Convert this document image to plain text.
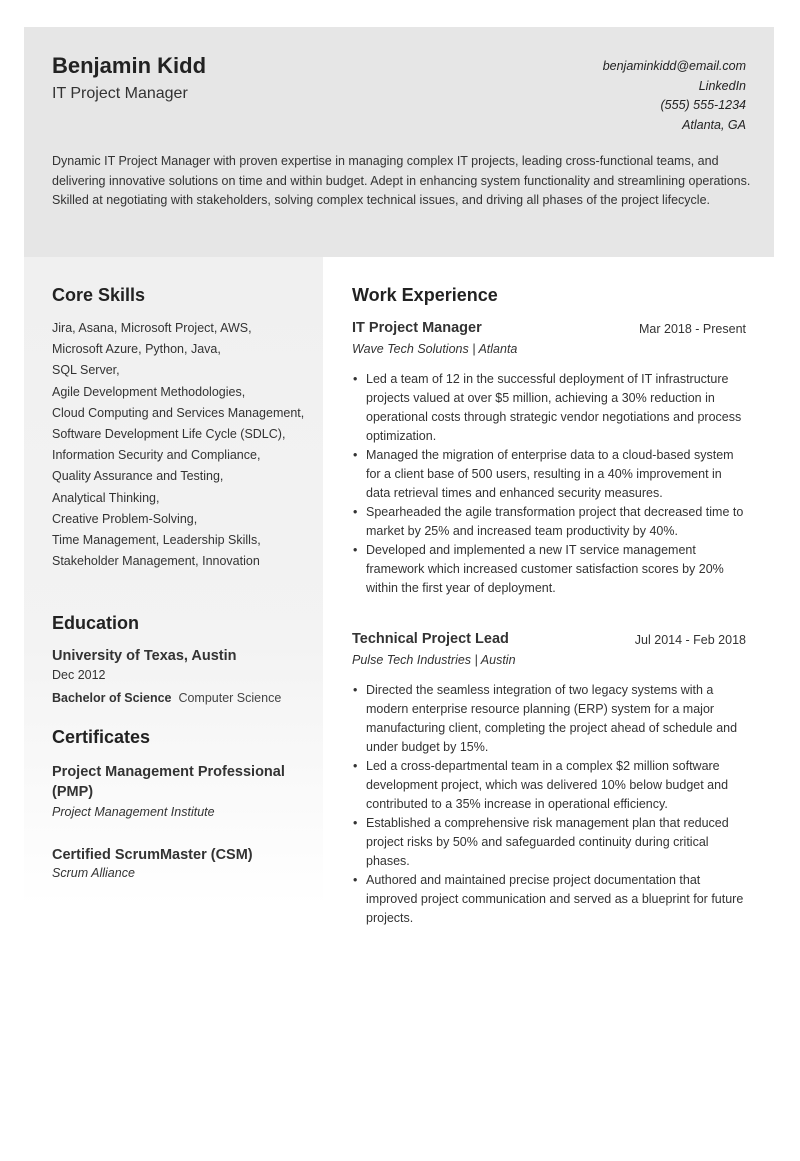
Benjamin Kidd
IT Project Manager
benjaminkidd@email.com
LinkedIn
(555) 555-1234
Atlanta, GA
Dynamic IT Project Manager with proven expertise in managing complex IT projects, leading cross-functional teams, and delivering innovative solutions on time and within budget. Adept in enhancing system functionality and streamlining operations. Skilled at negotiating with stakeholders, solving complex technical issues, and driving all phases of the project lifecycle.
Core Skills
Jira, Asana, Microsoft Project, AWS,
Microsoft Azure, Python, Java,
SQL Server,
Agile Development Methodologies,
Cloud Computing and Services Management,
Software Development Life Cycle (SDLC),
Information Security and Compliance,
Quality Assurance and Testing,
Analytical Thinking,
Creative Problem-Solving,
Time Management, Leadership Skills,
Stakeholder Management, Innovation
Education
University of Texas, Austin
Dec 2012
Bachelor of Science Computer Science
Certificates
Project Management Professional (PMP)
Project Management Institute
Certified ScrumMaster (CSM)
Scrum Alliance
Work Experience
IT Project Manager	Mar 2018 - Present
Wave Tech Solutions | Atlanta
• Led a team of 12 in the successful deployment of IT infrastructure projects valued at over $5 million, achieving a 30% reduction in operational costs through strategic vendor negotiations and process optimization.
• Managed the migration of enterprise data to a cloud-based system for a client base of 500 users, resulting in a 40% improvement in data retrieval times and enhanced security measures.
• Spearheaded the agile transformation project that decreased time to market by 25% and increased team productivity by 40%.
• Developed and implemented a new IT service management framework which increased customer satisfaction scores by 20% within the first year of deployment.
Technical Project Lead	Jul 2014 - Feb 2018
Pulse Tech Industries | Austin
• Directed the seamless integration of two legacy systems with a modern enterprise resource planning (ERP) system for a major manufacturing client, completing the project ahead of schedule and under budget by 15%.
• Led a cross-departmental team in a complex $2 million software development project, which was delivered 10% below budget and contributed to a 35% increase in operational efficiency.
• Established a comprehensive risk management plan that reduced project risks by 50% and safeguarded continuity during critical phases.
• Authored and maintained precise project documentation that improved project communication and served as a blueprint for future projects.
